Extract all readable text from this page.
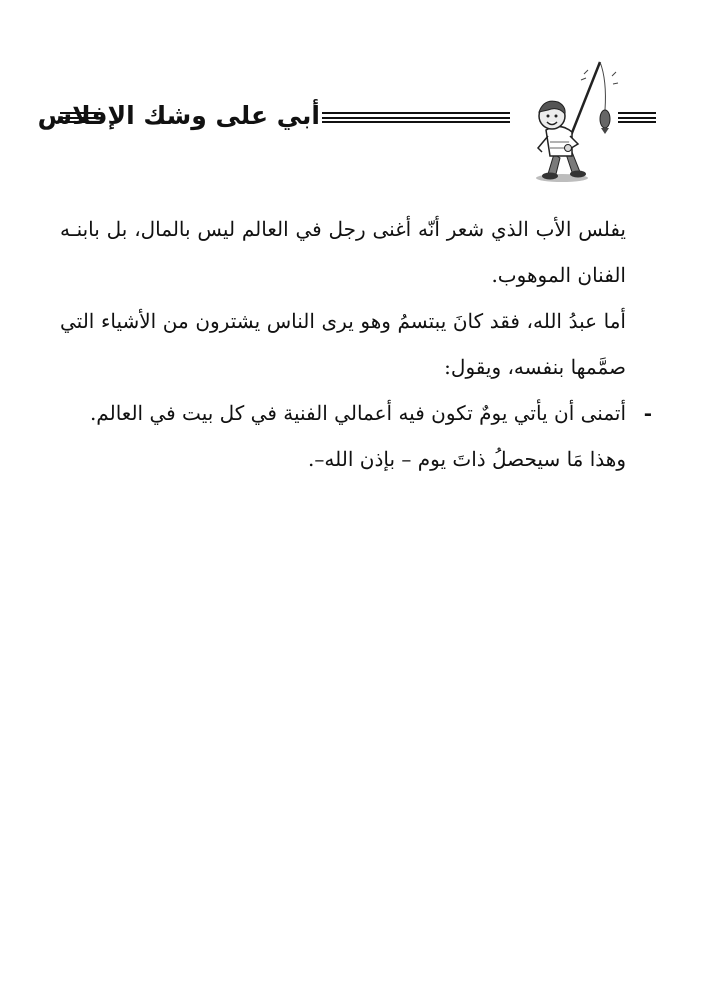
أبي على وشك الإفلاس

يفلس الأب الذي شعر أنّه أغنى رجل في العالم ليس بالمال، بل بابنـه الفنان الموهوب.

أما عبدُ الله، فقد كانَ يبتسمُ وهو يرى الناس يشترون من الأشياء التي صمَّمها بنفسه، ويقول:

-
أتمنى أن يأتي يومٌ تكون فيه أعمالي الفنية في كل بيت في العالم.
وهذا مَا سيحصلُ ذاتَ يوم – بإذن الله–.
